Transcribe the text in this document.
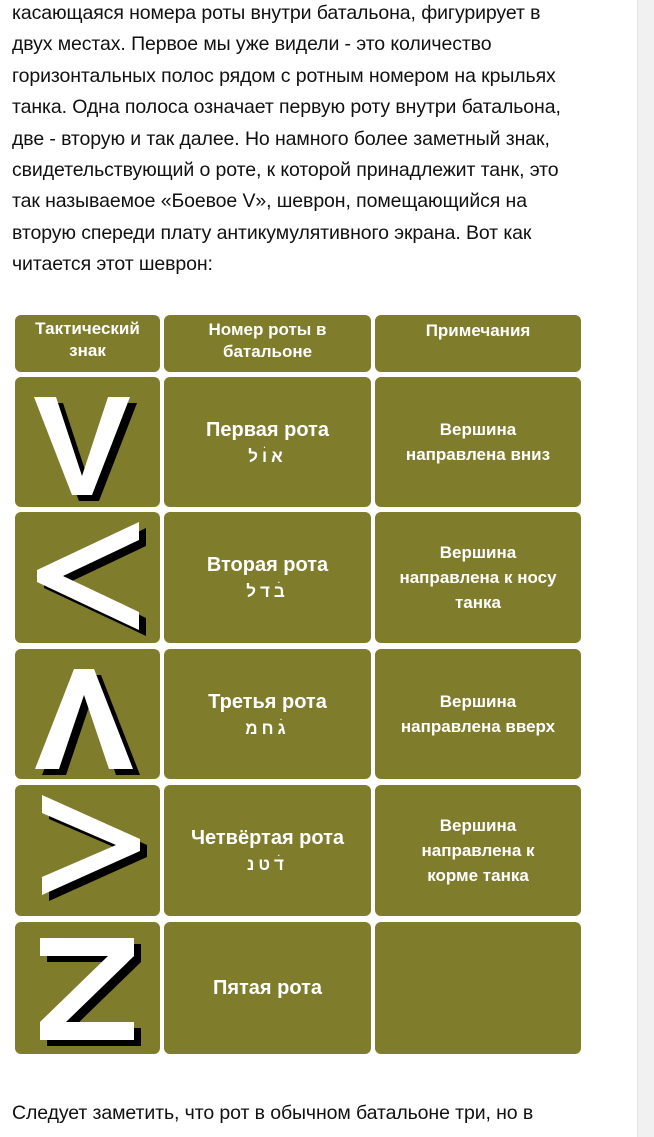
касающаяся номера роты внутри батальона, фигурирует в
двух местах. Первое мы уже видели - это количество
горизонтальных полос рядом с ротным номером на крыльях
танка. Одна полоса означает первую роту внутри батальона,
две - вторую и так далее. Но намного более заметный знак,
свидетельствующий о роте, к которой принадлежит танк, это
так называемое «Боевое V», шеврон, помещающийся на
вторую спереди плату антикумулятивного экрана. Вот как
читается этот шеврон:
Тактический
знак
Номер роты в
батальоне
Примечания
Первая рота
אוׄל
Вершина
направлена вниз
Вторая рота
בׄדל
Вершина
направлена к носу
танка
Третья рота
גׄחמ
Вершина
направлена вверх
Четвёртая рота
דׄטנ
Вершина
направлена к
корме танка
Пятая рота
Следует заметить, что рот в обычном батальоне три, но в
